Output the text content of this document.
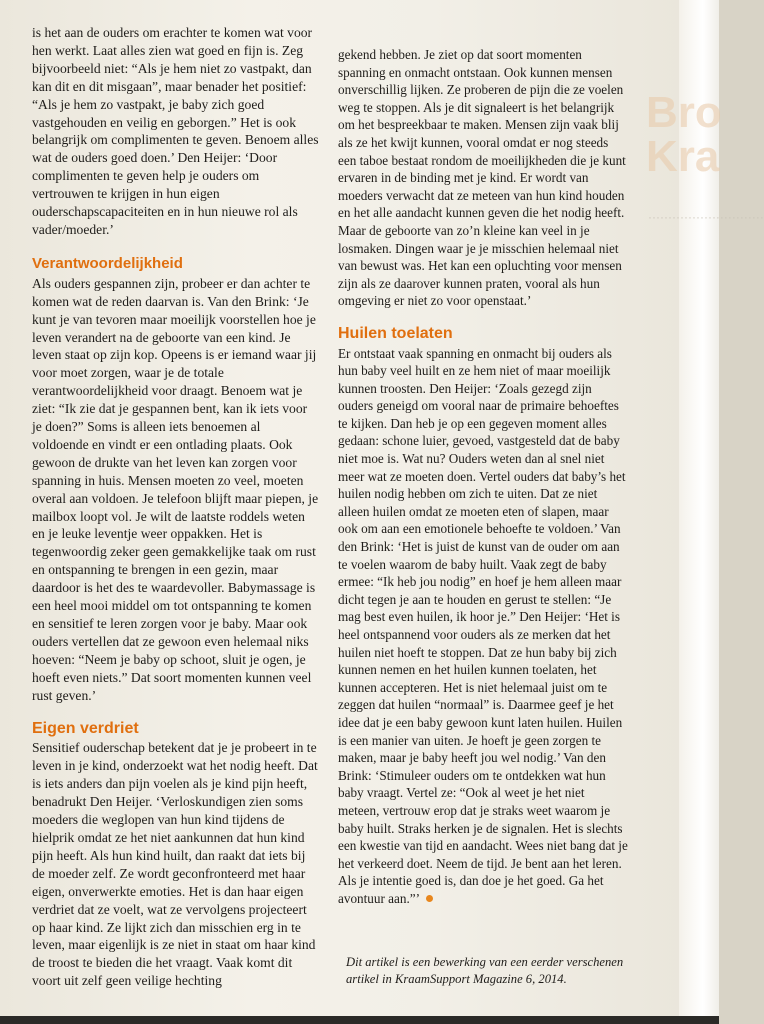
Bro
Kra
·····························

is het aan de ouders om erachter te komen wat voor hen werkt. Laat alles zien wat goed en fijn is. Zeg bijvoorbeeld niet: “Als je hem niet zo vastpakt, dan kan dit en dit misgaan”, maar benader het positief: “Als je hem zo vastpakt, je baby zich goed vastgehouden en veilig en geborgen.” Het is ook belangrijk om complimenten te geven. Benoem alles wat de ouders goed doen.’ Den Heijer: ‘Door complimenten te geven help je ouders om vertrouwen te krijgen in hun eigen ouderschapscapaciteiten en in hun nieuwe rol als vader/moeder.’

Verantwoordelijkheid

Als ouders gespannen zijn, probeer er dan achter te komen wat de reden daarvan is. Van den Brink: ‘Je kunt je van tevoren maar moeilijk voorstellen hoe je leven verandert na de geboorte van een kind. Je leven staat op zijn kop. Opeens is er iemand waar jij voor moet zorgen, waar je de totale verantwoordelijkheid voor draagt. Benoem wat je ziet: “Ik zie dat je gespannen bent, kan ik iets voor je doen?” Soms is alleen iets benoemen al voldoende en vindt er een ontlading plaats. Ook gewoon de drukte van het leven kan zorgen voor spanning in huis. Mensen moeten zo veel, moeten overal aan voldoen. Je telefoon blijft maar piepen, je mailbox loopt vol. Je wilt de laatste roddels weten en je leuke leventje weer oppakken. Het is tegenwoordig zeker geen gemakkelijke taak om rust en ontspanning te brengen in een gezin, maar daardoor is het des te waardevoller. Babymassage is een heel mooi middel om tot ontspanning te komen en sensitief te leren zorgen voor je baby. Maar ook ouders vertellen dat ze gewoon even helemaal niks hoeven: “Neem je baby op schoot, sluit je ogen, je hoeft even niets.” Dat soort momenten kunnen veel rust geven.’

Eigen verdriet

Sensitief ouderschap betekent dat je je probeert in te leven in je kind, onderzoekt wat het nodig heeft. Dat is iets anders dan pijn voelen als je kind pijn heeft, benadrukt Den Heijer. ‘Verloskundigen zien soms moeders die weglopen van hun kind tijdens de hielprik omdat ze het niet aankunnen dat hun kind pijn heeft. Als hun kind huilt, dan raakt dat iets bij de moeder zelf. Ze wordt geconfronteerd met haar eigen, onverwerkte emoties. Het is dan haar eigen verdriet dat ze voelt, wat ze vervolgens projecteert op haar kind. Ze lijkt zich dan misschien erg in te leven, maar eigenlijk is ze niet in staat om haar kind de troost te bieden die het vraagt. Vaak komt dit voort uit zelf geen veilige hechting

gekend hebben. Je ziet op dat soort momenten spanning en onmacht ontstaan. Ook kunnen mensen onverschillig lijken. Ze proberen de pijn die ze voelen weg te stoppen. Als je dit signaleert is het belangrijk om het bespreekbaar te maken. Mensen zijn vaak blij als ze het kwijt kunnen, vooral omdat er nog steeds een taboe bestaat rondom de moeilijkheden die je kunt ervaren in de binding met je kind. Er wordt van moeders verwacht dat ze meteen van hun kind houden en het alle aandacht kunnen geven die het nodig heeft. Maar de geboorte van zo’n kleine kan veel in je losmaken. Dingen waar je je misschien helemaal niet van bewust was. Het kan een opluchting voor mensen zijn als ze daarover kunnen praten, vooral als hun omgeving er niet zo voor openstaat.’

Huilen toelaten

Er ontstaat vaak spanning en onmacht bij ouders als hun baby veel huilt en ze hem niet of maar moeilijk kunnen troosten. Den Heijer: ‘Zoals gezegd zijn ouders geneigd om vooral naar de primaire behoeftes te kijken. Dan heb je op een gegeven moment alles gedaan: schone luier, gevoed, vastgesteld dat de baby niet moe is. Wat nu? Ouders weten dan al snel niet meer wat ze moeten doen. Vertel ouders dat baby’s het huilen nodig hebben om zich te uiten. Dat ze niet alleen huilen omdat ze moeten eten of slapen, maar ook om aan een emotionele behoefte te voldoen.’ Van den Brink: ‘Het is juist de kunst van de ouder om aan te voelen waarom de baby huilt. Vaak zegt de baby ermee: “Ik heb jou nodig” en hoef je hem alleen maar dicht tegen je aan te houden en gerust te stellen: “Je mag best even huilen, ik hoor je.” Den Heijer: ‘Het is heel ontspannend voor ouders als ze merken dat het huilen niet hoeft te stoppen. Dat ze hun baby bij zich kunnen nemen en het huilen kunnen toelaten, het kunnen accepteren. Het is niet helemaal juist om te zeggen dat huilen “normaal” is. Daarmee geef je het idee dat je een baby gewoon kunt laten huilen. Huilen is een manier van uiten. Je hoeft je geen zorgen te maken, maar je baby heeft jou wel nodig.’ Van den Brink: ‘Stimuleer ouders om te ontdekken wat hun baby vraagt. Vertel ze: “Ook al weet je het niet meteen, vertrouw erop dat je straks weet waarom je baby huilt. Straks herken je de signalen. Het is slechts een kwestie van tijd en aandacht. Wees niet bang dat je het verkeerd doet. Neem de tijd. Je bent aan het leren. Als je intentie goed is, dan doe je het goed. Ga het avontuur aan.”’

Dit artikel is een bewerking van een eerder verschenen artikel in KraamSupport Magazine 6, 2014.
